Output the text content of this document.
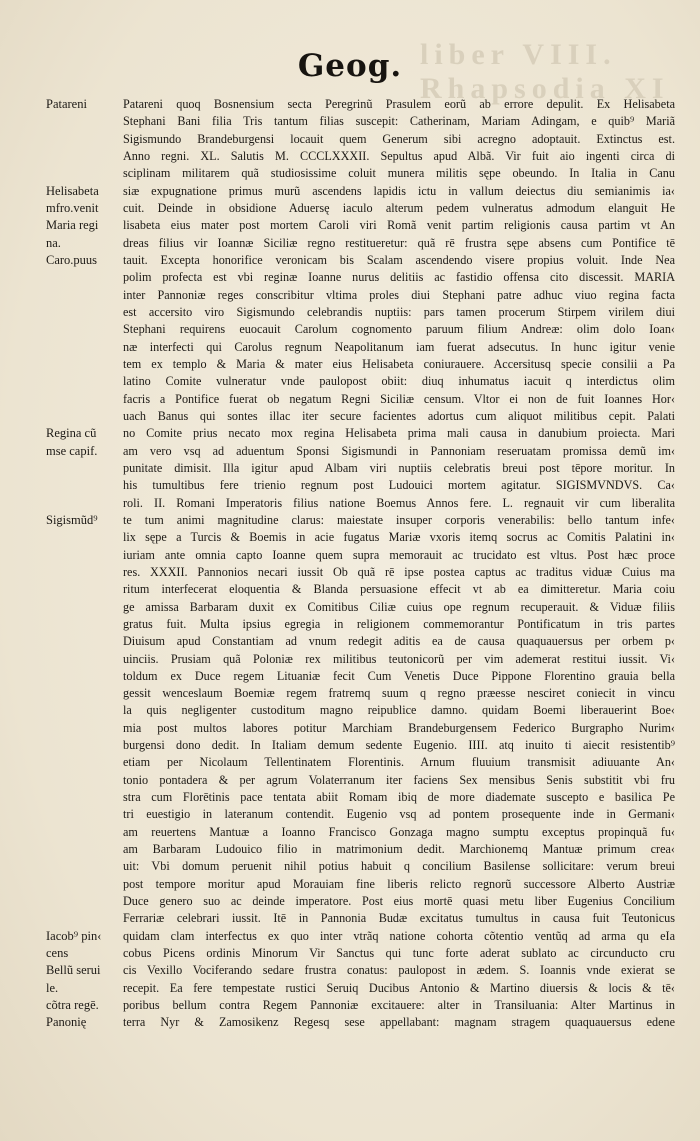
liber VIII. Rhapsodia XI
Geog.
Patareni
Helisabeta
mfro.venit
Maria regi
na.
Caro.puus
Regina cũ
mse capif.
Sigismũd⁹
Iacob⁹ pin‹
cens
Bellũ serui
le.
cõtra regē.
Panonię
Patareni quoq Bosnensium secta Peregrinũ Prasulem eorũ ab errore depulit. Ex Helisabeta
Stephani Bani filia Tris tantum filias suscepit: Catherinam, Mariam Adingam, e quib⁹ Mariã
Sigismundo Brandeburgensi locauit quem Generum sibi acregno adoptauit. Extinctus est.
Anno regni. XL. Salutis M. CCCLXXXII. Sepultus apud Albã. Vir fuit aio ingenti circa di
sciplinam militarem quã studiosissime coluit munera militis sępe obeundo. In Italia in Canu
siæ expugnatione primus murũ ascendens lapidis ictu in vallum deiectus diu semianimis ia‹
cuit. Deinde in obsidione Aduersę iaculo alterum pedem vulneratus admodum elanguit He
lisabeta eius mater post mortem Caroli viri Romã venit partim religionis causa partim vt An
dreas filius vir Ioannæ Siciliæ regno restitueretur: quã rē frustra sępe absens cum Pontifice tē
tauit. Excepta honorifice veronicam bis Scalam ascendendo visere propius voluit. Inde Nea
polim profecta est vbi reginæ Ioanne nurus delitiis ac fastidio offensa cito discessit. MARIA
inter Pannoniæ reges conscribitur vltima proles diui Stephani patre adhuc viuo regina facta
est accersito viro Sigismundo celebrandis nuptiis: pars tamen procerum Stirpem virilem diui
Stephani requirens euocauit Carolum cognomento paruum filium Andreæ: olim dolo Ioan‹
næ interfecti qui Carolus regnum Neapolitanum iam fuerat adsecutus. In hunc igitur venie
tem ex templo & Maria & mater eius Helisabeta coniurauere. Accersitusq specie consilii a Pa
latino Comite vulneratur vnde paulopost obiit: diuq inhumatus iacuit q interdictus olim
facris a Pontifice fuerat ob negatum Regni Siciliæ censum. Vltor ei non de fuit Ioannes Hor‹
uach Banus qui sontes illac iter secure facientes adortus cum aliquot militibus cepit. Palati
no Comite prius necato mox regina Helisabeta prima mali causa in danubium proiecta. Mari
am vero vsq ad aduentum Sponsi Sigismundi in Pannoniam reseruatam promissa demũ im‹
punitate dimisit. Illa igitur apud Albam viri nuptiis celebratis breui post tēpore moritur. In
his tumultibus fere trienio regnum post Ludouici mortem agitatur. SIGISMVNDVS. Ca‹
roli. II. Romani Imperatoris filius natione Boemus Annos fere. L. regnauit vir cum liberalita
te tum animi magnitudine clarus: maiestate insuper corporis venerabilis: bello tantum infe‹
lix sępe a Turcis & Boemis in acie fugatus Mariæ vxoris itemq socrus ac Comitis Palatini in‹
iuriam ante omnia capto Ioanne quem supra memorauit ac trucidato est vltus. Post hæc proce
res. XXXII. Pannonios necari iussit Ob quã rē ipse postea captus ac traditus viduæ Cuius ma
ritum interfecerat eloquentia & Blanda persuasione effecit vt ab ea dimitteretur. Maria coiu
ge amissa Barbaram duxit ex Comitibus Ciliæ cuius ope regnum recuperauit. & Viduæ filiis
gratus fuit. Multa ipsius egregia in religionem commemorantur Pontificatum in tris partes
Diuisum apud Constantiam ad vnum redegit aditis ea de causa quaquauersus per orbem p‹
uinciis. Prusiam quã Poloniæ rex militibus teutonicorũ per vim ademerat restitui iussit. Vi‹
toldum ex Duce regem Lituaniæ fecit Cum Venetis Duce Pippone Florentino grauia bella
gessit wenceslaum Boemiæ regem fratremq suum q regno præesse nesciret coniecit in vincu
la quis negligenter custoditum magno reipublice damno. quidam Boemi liberauerint Boe‹
mia post multos labores potitur Marchiam Brandeburgensem Federico Burgrapho Nurim‹
burgensi dono dedit. In Italiam demum sedente Eugenio. IIII. atq inuito ti aiecit resistentib⁹
etiam per Nicolaum Tellentinatem Florentinis. Arnum fluuium transmisit adiuuante An‹
tonio pontadera & per agrum Volaterranum iter faciens Sex mensibus Senis substitit vbi fru
stra cum Florētinis pace tentata abiit Romam ibiq de more diademate suscepto e basilica Pe
tri euestigio in lateranum contendit. Eugenio vsq ad pontem prosequente inde in Germani‹
am reuertens Mantuæ a Ioanno Francisco Gonzaga magno sumptu exceptus propinquã fu‹
am Barbaram Ludouico filio in matrimonium dedit. Marchionemq Mantuæ primum crea‹
uit: Vbi domum peruenit nihil potius habuit q concilium Basilense sollicitare: verum breui
post tempore moritur apud Morauiam fine liberis relicto regnorũ successore Alberto Austriæ
Duce genero suo ac deinde imperatore. Post eius mortē quasi metu liber Eugenius Concilium
Ferrariæ celebrari iussit. Itē in Pannonia Budæ excitatus tumultus in causa fuit Teutonicus
quidam clam interfectus ex quo inter vtrãq natione cohorta cõtentio ventũq ad arma qu eIa
cobus Picens ordinis Minorum Vir Sanctus qui tunc forte aderat sublato ac circunducto cru
cis Vexillo Vociferando sedare frustra conatus: paulopost in ædem. S. Ioannis vnde exierat se
recepit. Ea fere tempestate rustici Seruiq Ducibus Antonio & Martino diuersis & locis & tē‹
poribus bellum contra Regem Pannoniæ excitauere: alter in Transiluania: Alter Martinus in
terra Nyr & Zamosikenz Regesq sese appellabant: magnam stragem quaquauersus edene
